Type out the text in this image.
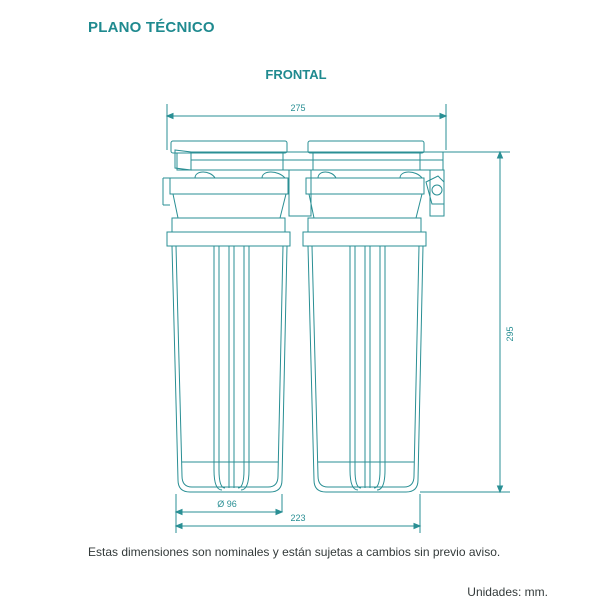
PLANO TÉCNICO
FRONTAL
275
295
Ø 96
223
Estas dimensiones son nominales y están sujetas a cambios sin previo aviso.
Unidades: mm.
